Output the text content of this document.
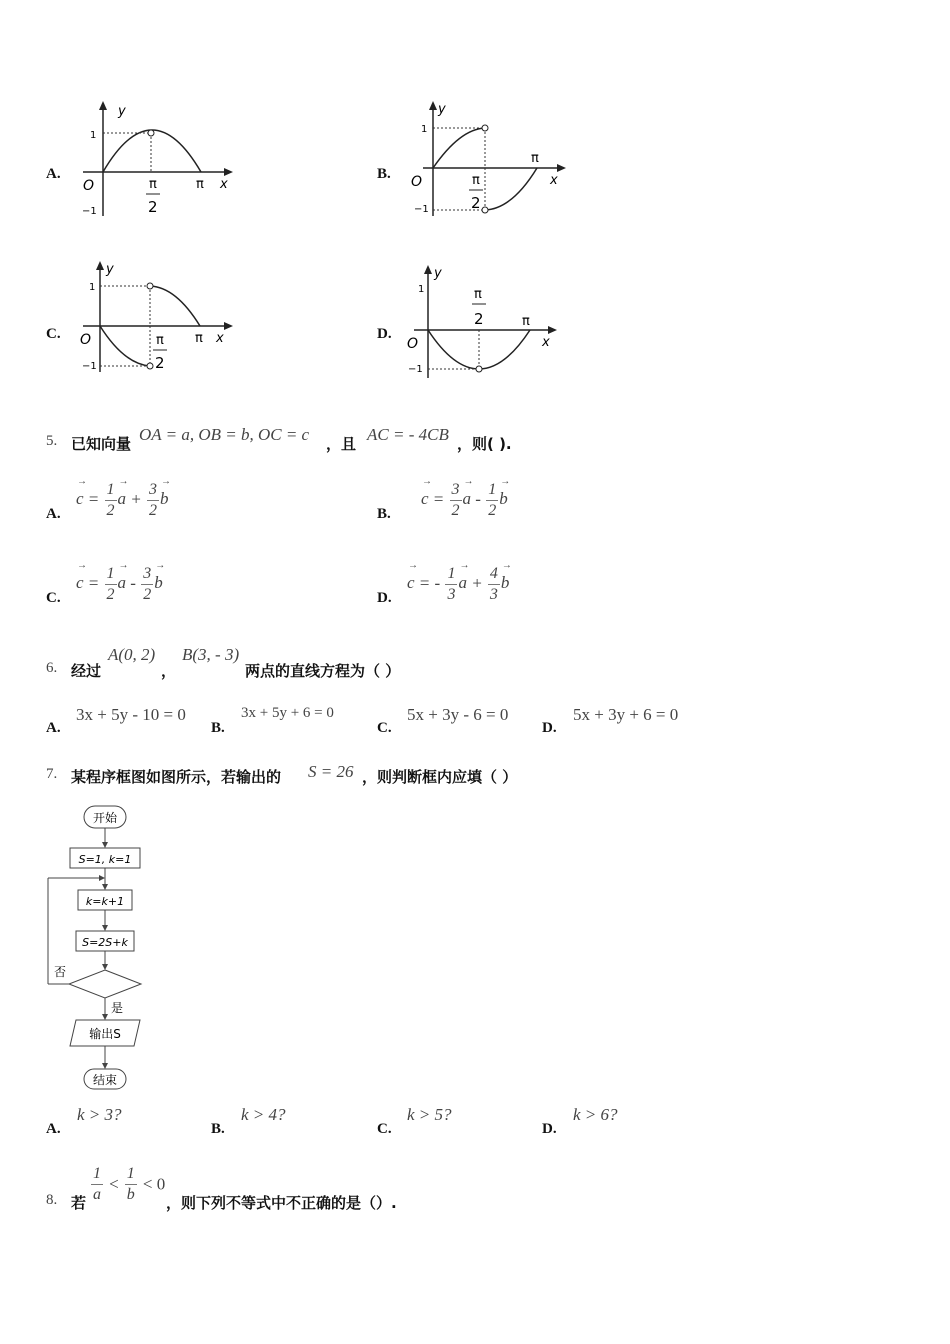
A.
y
x
O
1
−1
π
π
2
B.
y
x
O
1
−1
π
π
2
C.
y
x
O
1
−1
π
π
2
D.
y
x
O
1
−1
π
π
2
5. 已知向量 OA = a, OB = b, OC = c ，且 AC = - 4CB ，则( ).
A.
→ $c = \frac{1}{2}$
→ $a + \frac{3}{2}$
→ b
B.
→ $c = \frac{3}{2}$
→ a - $\frac{1}{2}$
→ b
C.
→ $c = \frac{1}{2}$
→ a - $\frac{3}{2}$
→ b
D.
→ c = - $\frac{1}{3}$
→ $a + \frac{4}{3}$
→ b
6. 经过
A(0, 2)
，
B(3, - 3)
两点的直线方程为（ ）
A.
3x + 5y - 10 = 0
B.
3x + 5y + 6 = 0
C.
5x + 3y - 6 = 0
D.
5x + 3y + 6 = 0
7. 某程序框图如图所示，若输出的 S = 26 ，则判断框内应填（ ）
开始
S=1, k=1
k=k+1
S=2S+k
否
是
输出S
结束
A.
k > 3?
B.
k > 4?
C.
k > 5?
D.
k > 6?
8. 若 $\frac{1}{a} < \frac{1}{b} < 0$
，则下列不等式中不正确的是（）.
